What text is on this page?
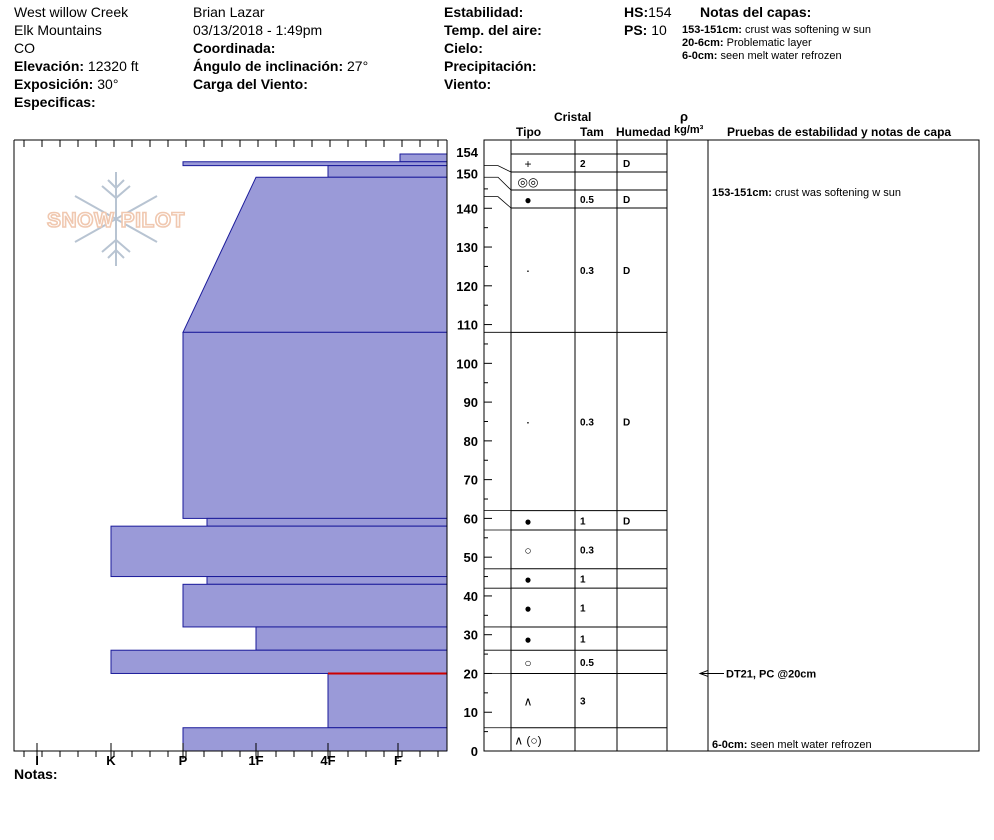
West willow Creek
Elk Mountains
CO
Elevación: 12320 ft
Exposición: 30°
Especificas:
Brian Lazar
03/13/2018 - 1:49pm
Coordinada:
Ángulo de inclinación: 27°
Carga del Viento:
Estabilidad:
Temp. del aire:
Cielo:
Precipitación:
Viento:
HS:154
PS: 10
Notas del capas:
153-151cm: crust was softening w sun
20-6cm: Problematic layer
6-0cm: seen melt water refrozen
Cristal
Tipo	Tam Humedad
ρ
kg/m³ Pruebas de estabilidad y notas de capa
SNOW PILOT
I	K	P	1F	4F	F
0
10
20
30
40
50
60
70
80
90
100
110
120
130
140
150
154
+	2	D
◎◎
●	0.5	D
·	0.3	D
·	0.3	D
●	1	D
○	0.3
●	1
●	1
●	1
○	0.5
∧	3
∧ (○)
153-151cm: crust was softening w sun
DT21, PC @20cm
6-0cm: seen melt water refrozen
Notas:
